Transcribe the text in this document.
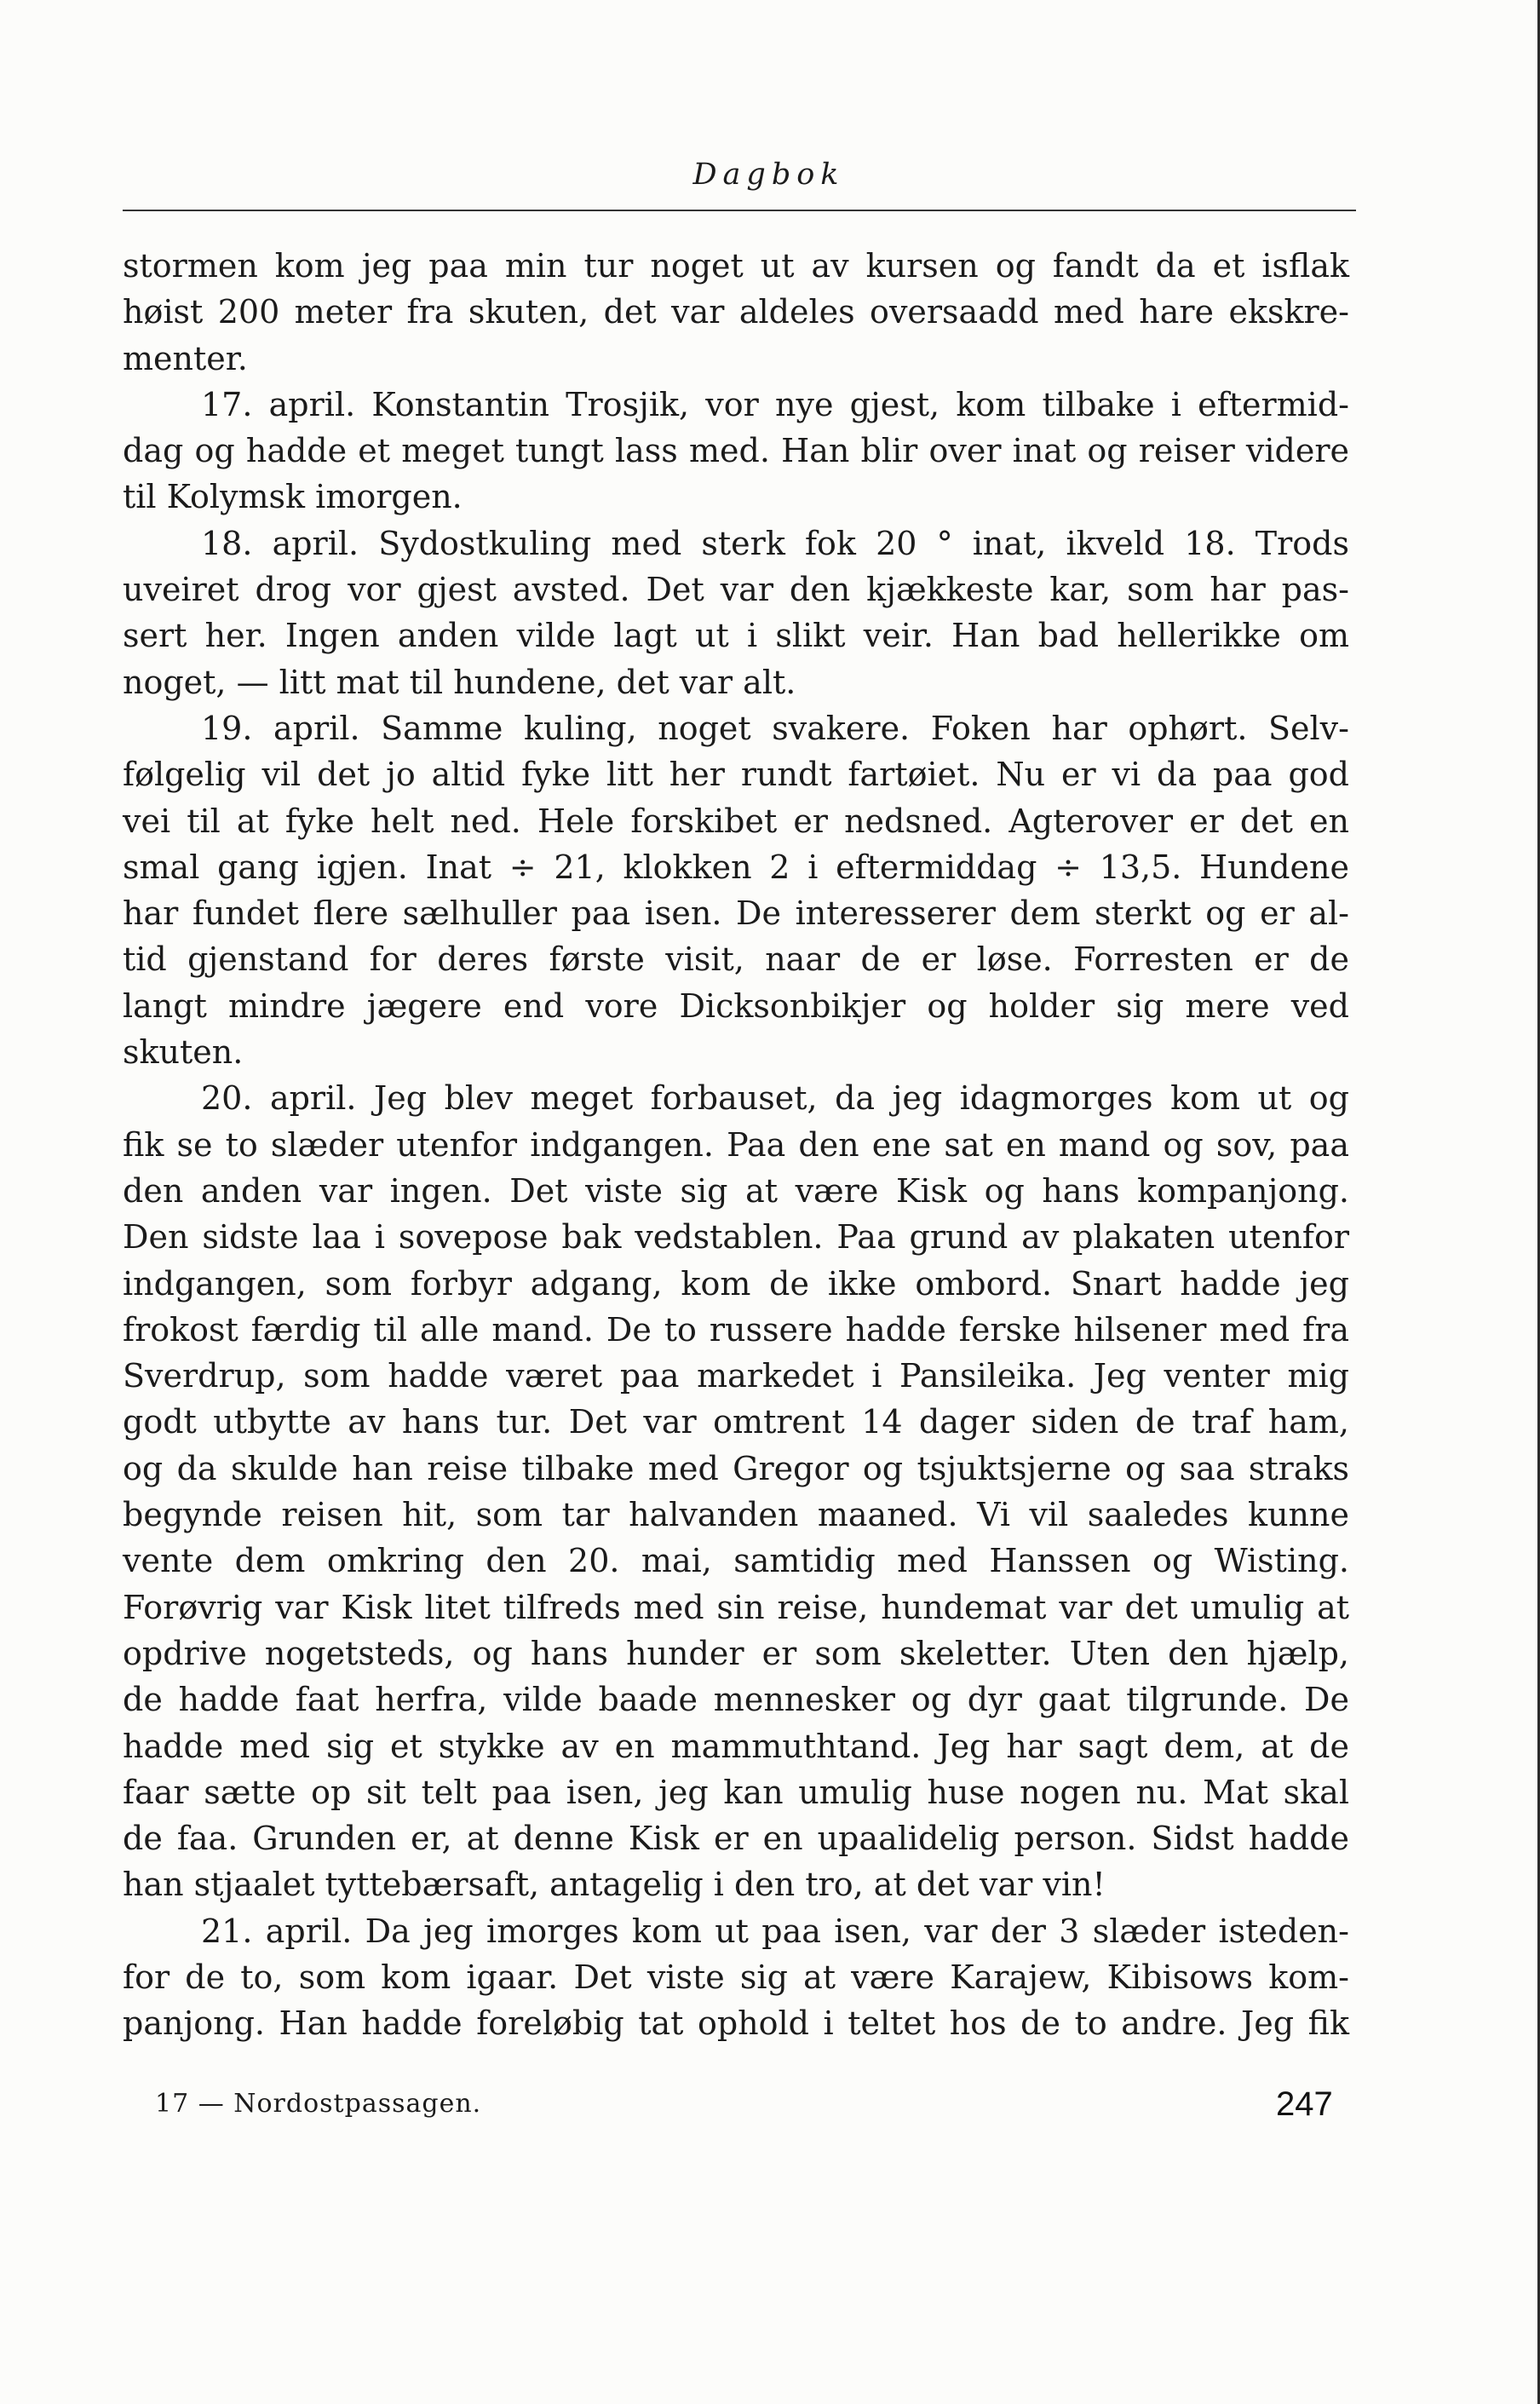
Dagbok
stormen kom jeg paa min tur noget ut av kursen og fandt da et isflak
høist 200 meter fra skuten, det var aldeles oversaadd med hare ekskre-
menter.
17. april. Konstantin Trosjik, vor nye gjest, kom tilbake i eftermid-
dag og hadde et meget tungt lass med. Han blir over inat og reiser videre
til Kolymsk imorgen.
18. april. Sydostkuling med sterk fok 20 ° inat, ikveld 18. Trods
uveiret drog vor gjest avsted. Det var den kjækkeste kar, som har pas-
sert her. Ingen anden vilde lagt ut i slikt veir. Han bad hellerikke om
noget, — litt mat til hundene, det var alt.
19. april. Samme kuling, noget svakere. Foken har ophørt. Selv-
følgelig vil det jo altid fyke litt her rundt fartøiet. Nu er vi da paa god
vei til at fyke helt ned. Hele forskibet er nedsned. Agterover er det en
smal gang igjen. Inat ÷ 21, klokken 2 i eftermiddag ÷ 13,5. Hundene
har fundet flere sælhuller paa isen. De interesserer dem sterkt og er al-
tid gjenstand for deres første visit, naar de er løse. Forresten er de
langt mindre jægere end vore Dicksonbikjer og holder sig mere ved
skuten.
20. april. Jeg blev meget forbauset, da jeg idagmorges kom ut og
fik se to slæder utenfor indgangen. Paa den ene sat en mand og sov, paa
den anden var ingen. Det viste sig at være Kisk og hans kompanjong.
Den sidste laa i sovepose bak vedstablen. Paa grund av plakaten utenfor
indgangen, som forbyr adgang, kom de ikke ombord. Snart hadde jeg
frokost færdig til alle mand. De to russere hadde ferske hilsener med fra
Sverdrup, som hadde været paa markedet i Pansileika. Jeg venter mig
godt utbytte av hans tur. Det var omtrent 14 dager siden de traf ham,
og da skulde han reise tilbake med Gregor og tsjuktsjerne og saa straks
begynde reisen hit, som tar halvanden maaned. Vi vil saaledes kunne
vente dem omkring den 20. mai, samtidig med Hanssen og Wisting.
Forøvrig var Kisk litet tilfreds med sin reise, hundemat var det umulig at
opdrive nogetsteds, og hans hunder er som skeletter. Uten den hjælp,
de hadde faat herfra, vilde baade mennesker og dyr gaat tilgrunde. De
hadde med sig et stykke av en mammuthtand. Jeg har sagt dem, at de
faar sætte op sit telt paa isen, jeg kan umulig huse nogen nu. Mat skal
de faa. Grunden er, at denne Kisk er en upaalidelig person. Sidst hadde
han stjaalet tyttebærsaft, antagelig i den tro, at det var vin!
21. april. Da jeg imorges kom ut paa isen, var der 3 slæder isteden-
for de to, som kom igaar. Det viste sig at være Karajew, Kibisows kom-
panjong. Han hadde foreløbig tat ophold i teltet hos de to andre. Jeg fik
17 — Nordostpassagen.	247
